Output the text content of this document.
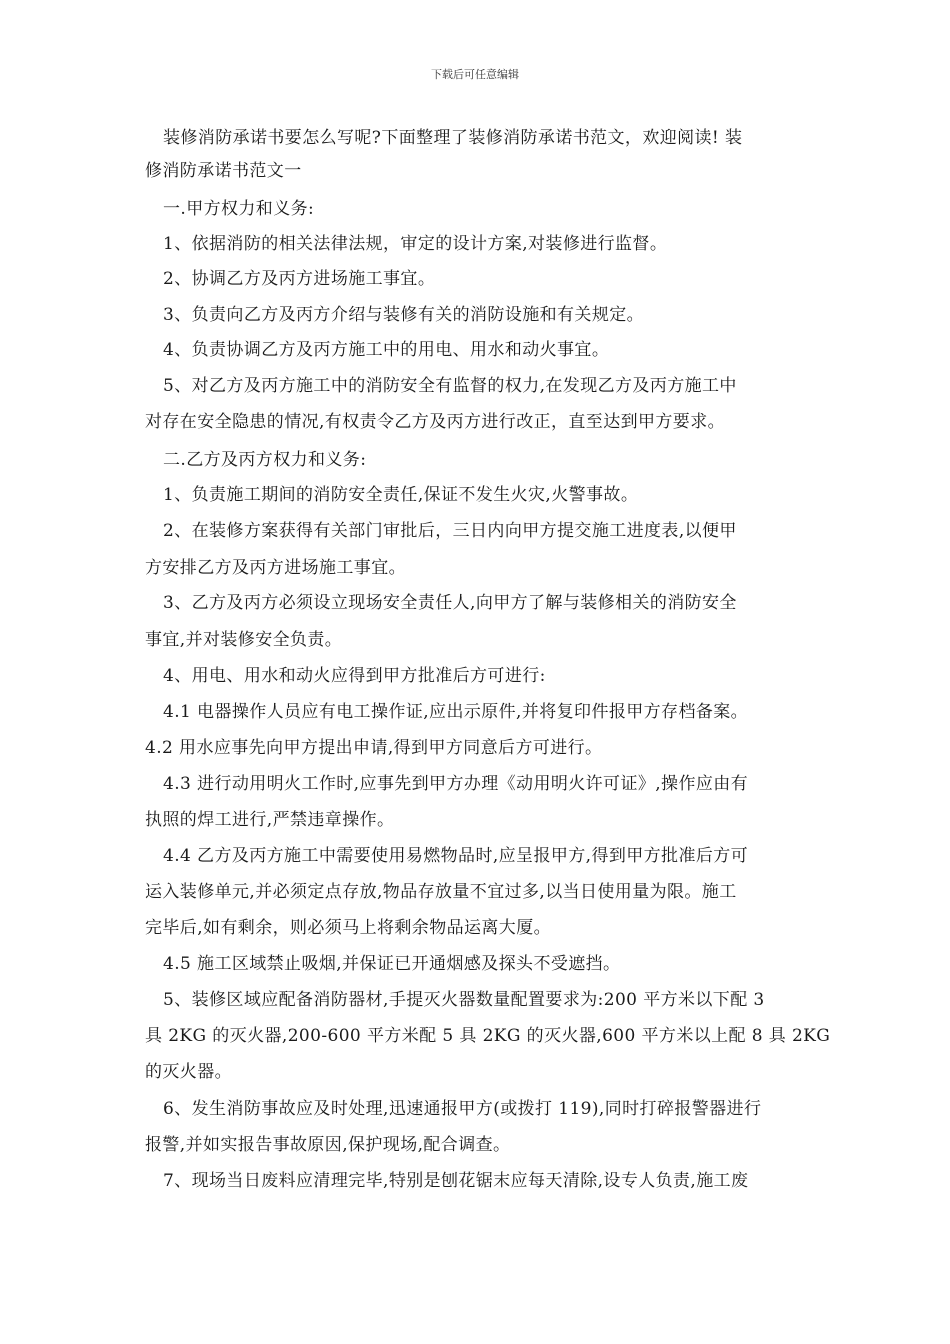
下载后可任意编辑
装修消防承诺书要怎么写呢?下面整理了装修消防承诺书范文，欢迎阅读! 装
修消防承诺书范文一
一.甲方权力和义务:
1、依据消防的相关法律法规，审定的设计方案,对装修进行监督。
2、协调乙方及丙方进场施工事宜。
3、负责向乙方及丙方介绍与装修有关的消防设施和有关规定。
4、负责协调乙方及丙方施工中的用电、用水和动火事宜。
5、对乙方及丙方施工中的消防安全有监督的权力,在发现乙方及丙方施工中
对存在安全隐患的情况,有权责令乙方及丙方进行改正，直至达到甲方要求。
二.乙方及丙方权力和义务:
1、负责施工期间的消防安全责任,保证不发生火灾,火警事故。
2、在装修方案获得有关部门审批后，三日内向甲方提交施工进度表,以便甲
方安排乙方及丙方进场施工事宜。
3、乙方及丙方必须设立现场安全责任人,向甲方了解与装修相关的消防安全
事宜,并对装修安全负责。
4、用电、用水和动火应得到甲方批准后方可进行:
4.1 电器操作人员应有电工操作证,应出示原件,并将复印件报甲方存档备案。
4.2 用水应事先向甲方提出申请,得到甲方同意后方可进行。
4.3 进行动用明火工作时,应事先到甲方办理《动用明火许可证》,操作应由有
执照的焊工进行,严禁违章操作。
4.4 乙方及丙方施工中需要使用易燃物品时,应呈报甲方,得到甲方批准后方可
运入装修单元,并必须定点存放,物品存放量不宜过多,以当日使用量为限。施工
完毕后,如有剩余，则必须马上将剩余物品运离大厦。
4.5 施工区域禁止吸烟,并保证已开通烟感及探头不受遮挡。
5、装修区域应配备消防器材,手提灭火器数量配置要求为:200 平方米以下配 3
具 2KG 的灭火器,200-600 平方米配 5 具 2KG 的灭火器,600 平方米以上配 8 具 2KG
的灭火器。
6、发生消防事故应及时处理,迅速通报甲方(或拨打 119),同时打碎报警器进行
报警,并如实报告事故原因,保护现场,配合调查。
7、现场当日废料应清理完毕,特别是刨花锯末应每天清除,设专人负责,施工废
